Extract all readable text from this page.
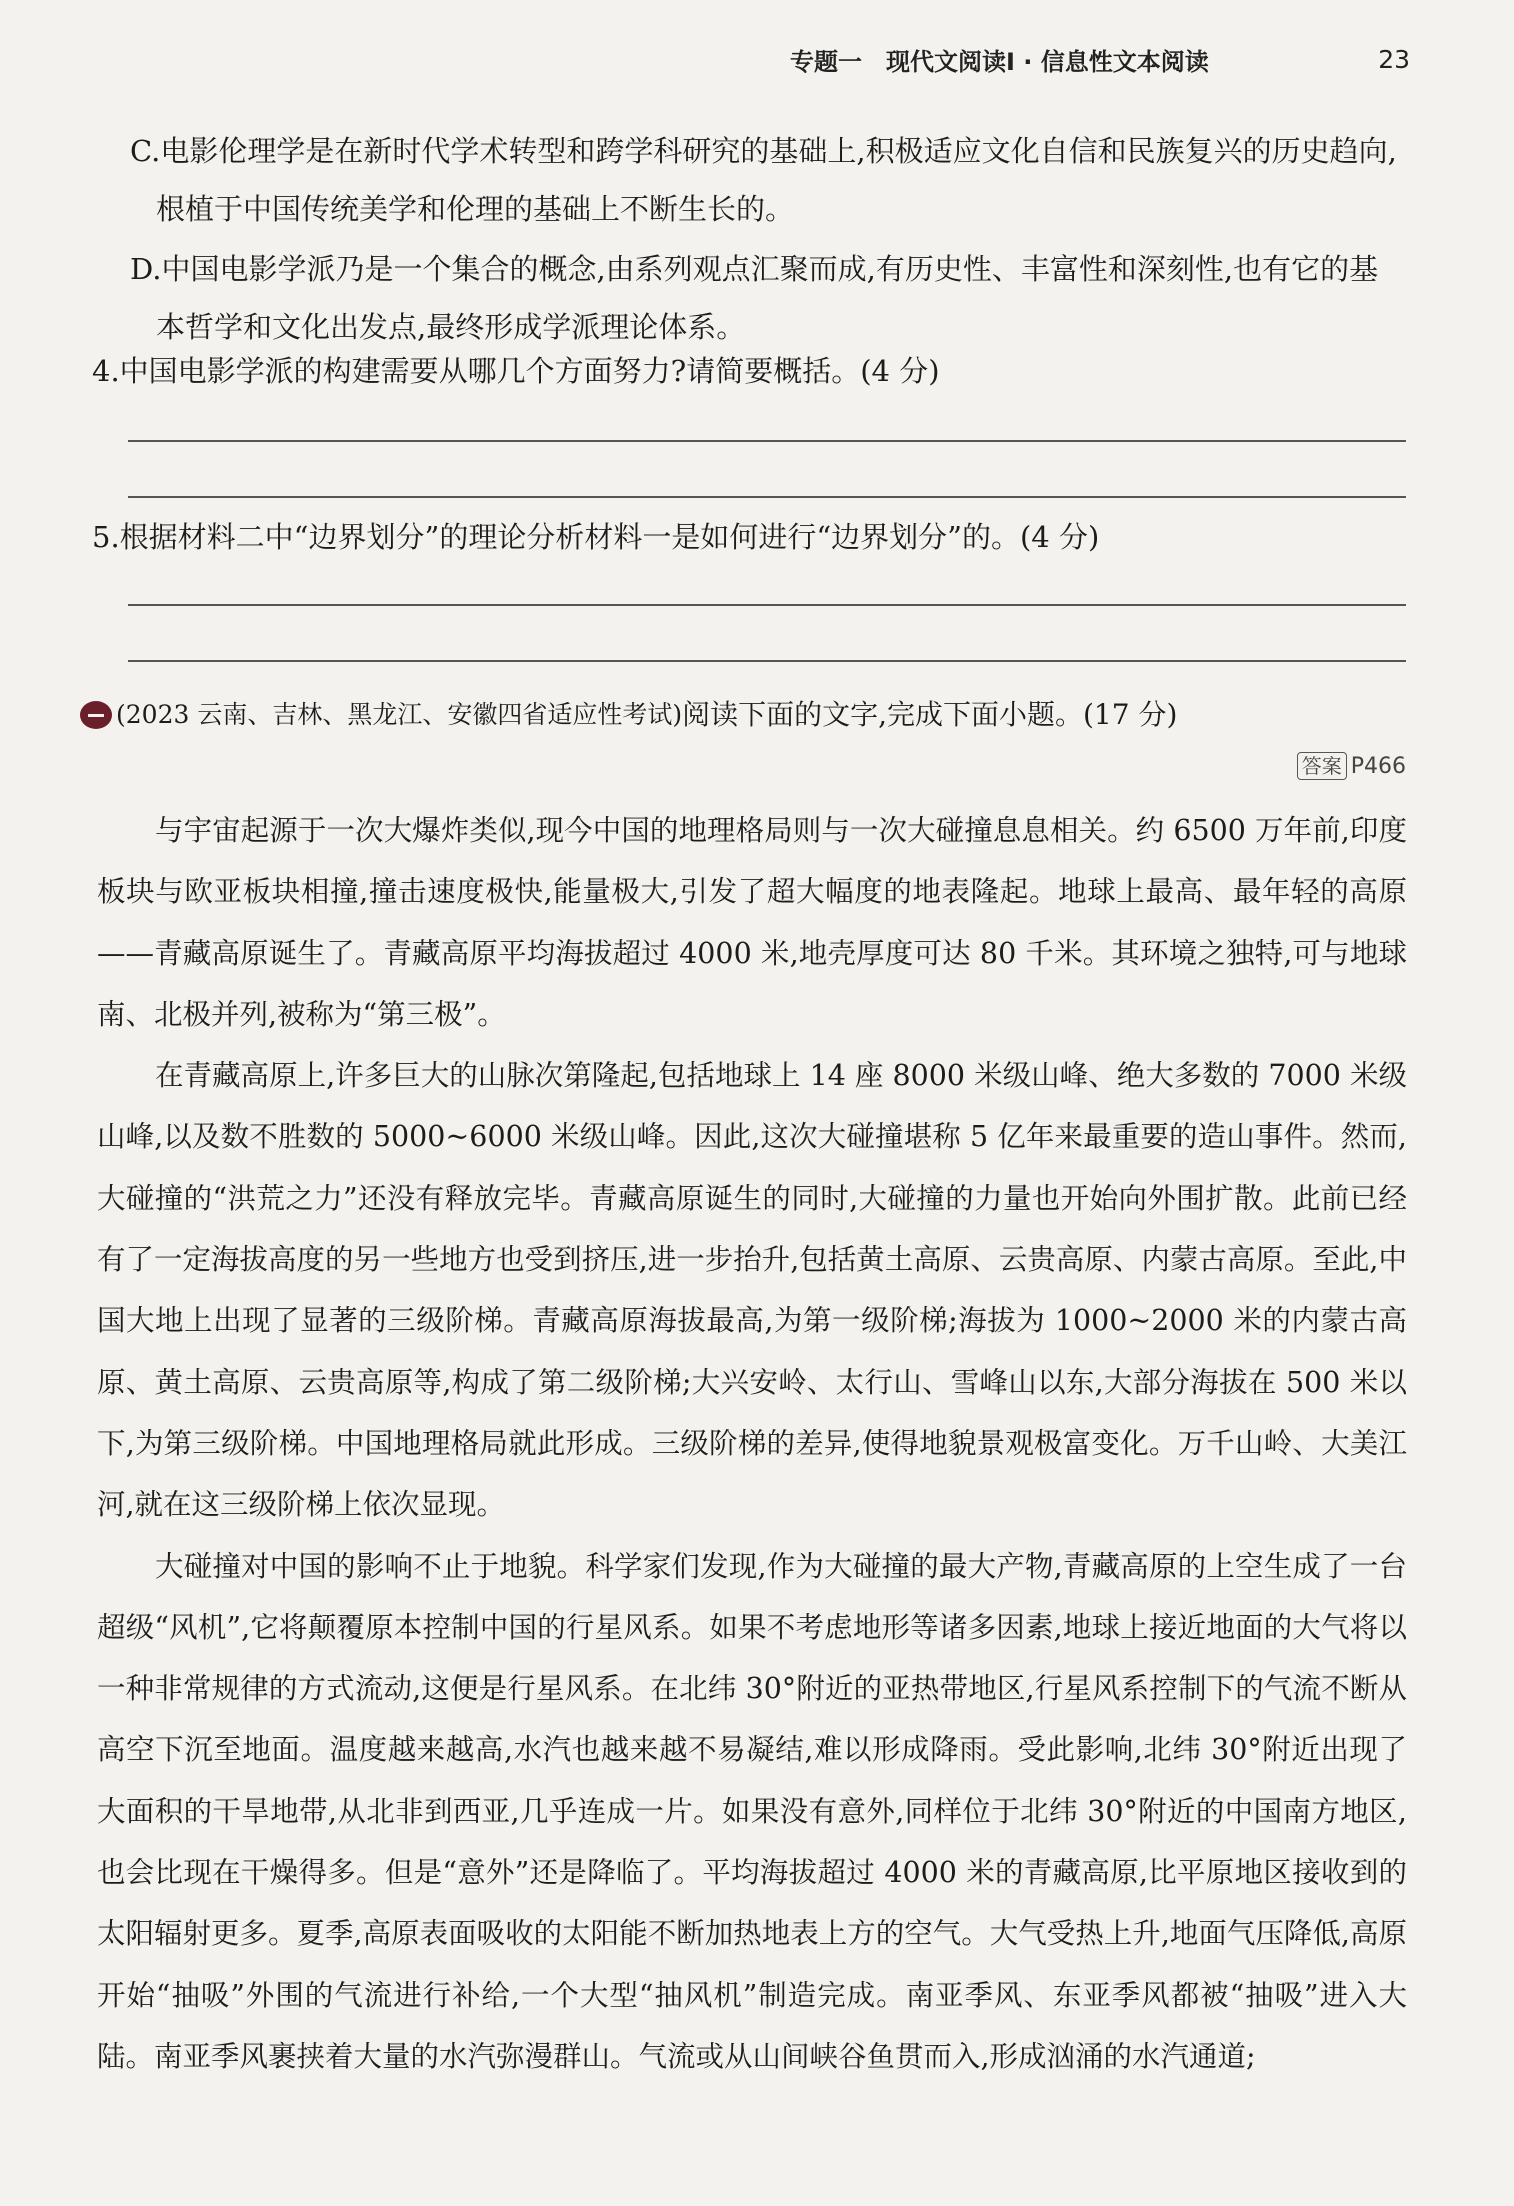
专题一　现代文阅读Ⅰ · 信息性文本阅读	23
C.电影伦理学是在新时代学术转型和跨学科研究的基础上,积极适应文化自信和民族复兴的历史趋向,根植于中国传统美学和伦理的基础上不断生长的。
D.中国电影学派乃是一个集合的概念,由系列观点汇聚而成,有历史性、丰富性和深刻性,也有它的基本哲学和文化出发点,最终形成学派理论体系。
4.中国电影学派的构建需要从哪几个方面努力?请简要概括。(4 分)
5.根据材料二中“边界划分”的理论分析材料一是如何进行“边界划分”的。(4 分)
(2023 云南、吉林、黑龙江、安徽四省适应性考试) 阅读下面的文字,完成下面小题。(17 分)
答案 P466

与宇宙起源于一次大爆炸类似,现今中国的地理格局则与一次大碰撞息息相关。约 6500 万年前,印度板块与欧亚板块相撞,撞击速度极快,能量极大,引发了超大幅度的地表隆起。地球上最高、最年轻的高原——青藏高原诞生了。青藏高原平均海拔超过 4000 米,地壳厚度可达 80 千米。其环境之独特,可与地球南、北极并列,被称为“第三极”。

在青藏高原上,许多巨大的山脉次第隆起,包括地球上 14 座 8000 米级山峰、绝大多数的 7000 米级山峰,以及数不胜数的 5000~6000 米级山峰。因此,这次大碰撞堪称 5 亿年来最重要的造山事件。然而,大碰撞的“洪荒之力”还没有释放完毕。青藏高原诞生的同时,大碰撞的力量也开始向外围扩散。此前已经有了一定海拔高度的另一些地方也受到挤压,进一步抬升,包括黄土高原、云贵高原、内蒙古高原。至此,中国大地上出现了显著的三级阶梯。青藏高原海拔最高,为第一级阶梯;海拔为 1000~2000 米的内蒙古高原、黄土高原、云贵高原等,构成了第二级阶梯;大兴安岭、太行山、雪峰山以东,大部分海拔在 500 米以下,为第三级阶梯。中国地理格局就此形成。三级阶梯的差异,使得地貌景观极富变化。万千山岭、大美江河,就在这三级阶梯上依次显现。

大碰撞对中国的影响不止于地貌。科学家们发现,作为大碰撞的最大产物,青藏高原的上空生成了一台超级“风机”,它将颠覆原本控制中国的行星风系。如果不考虑地形等诸多因素,地球上接近地面的大气将以一种非常规律的方式流动,这便是行星风系。在北纬 30°附近的亚热带地区,行星风系控制下的气流不断从高空下沉至地面。温度越来越高,水汽也越来越不易凝结,难以形成降雨。受此影响,北纬 30°附近出现了大面积的干旱地带,从北非到西亚,几乎连成一片。如果没有意外,同样位于北纬 30°附近的中国南方地区,也会比现在干燥得多。但是“意外”还是降临了。平均海拔超过 4000 米的青藏高原,比平原地区接收到的太阳辐射更多。夏季,高原表面吸收的太阳能不断加热地表上方的空气。大气受热上升,地面气压降低,高原开始“抽吸”外围的气流进行补给,一个大型“抽风机”制造完成。南亚季风、东亚季风都被“抽吸”进入大陆。南亚季风裹挟着大量的水汽弥漫群山。气流或从山间峡谷鱼贯而入,形成汹涌的水汽通道;
